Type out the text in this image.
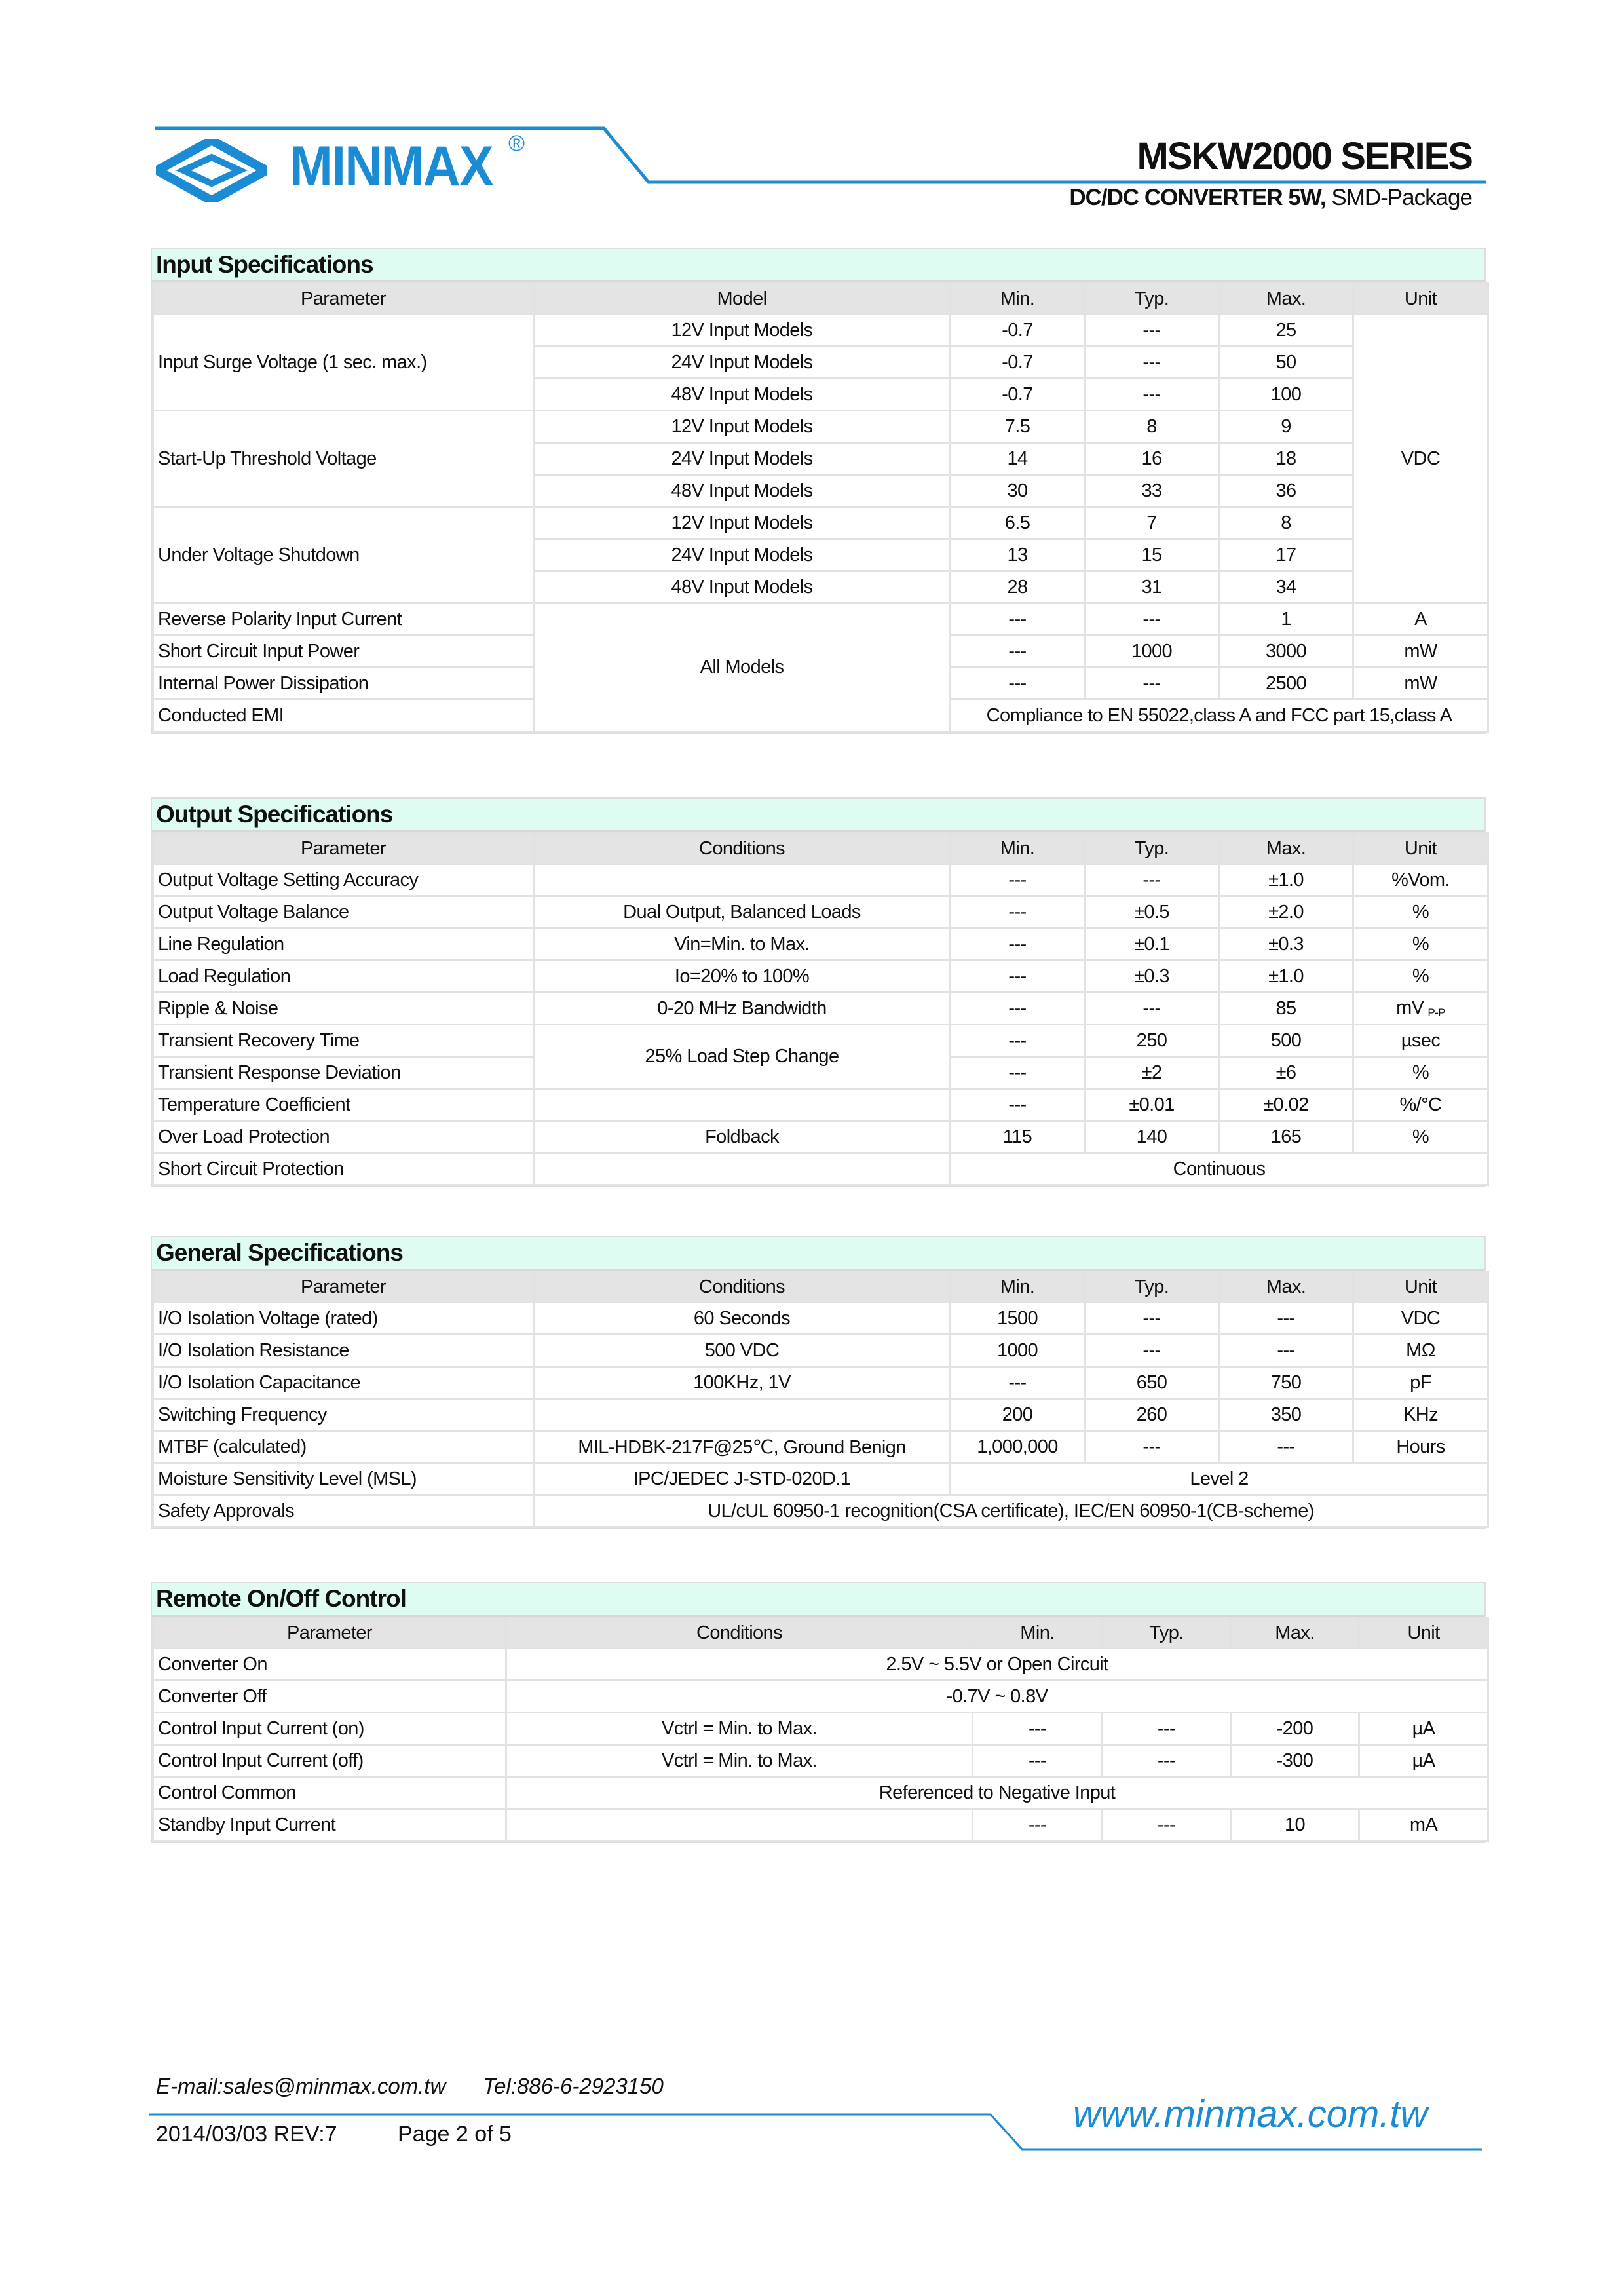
MINMAX ®	MSKW2000 SERIES
DC/DC CONVERTER 5W, SMD-Package
Input Specifications
Parameter	Model	Min.	Typ.	Max.	Unit
Input Surge Voltage (1 sec. max.)	12V Input Models	-0.7	---	25	VDC
	24V Input Models	-0.7	---	50	
	48V Input Models	-0.7	---	100	
Start-Up Threshold Voltage	12V Input Models	7.5	8	9	
	24V Input Models	14	16	18	
	48V Input Models	30	33	36	
Under Voltage Shutdown	12V Input Models	6.5	7	8	
	24V Input Models	13	15	17	
	48V Input Models	28	31	34	
Reverse Polarity Input Current	All Models	---	---	1	A
Short Circuit Input Power		---	1000	3000	mW
Internal Power Dissipation		---	---	2500	mW
Conducted EMI		Compliance to EN 55022,class A and FCC part 15,class A			
Output Specifications
Parameter	Conditions	Min.	Typ.	Max.	Unit
Output Voltage Setting Accuracy		---	---	±1.0	%Vom.
Output Voltage Balance	Dual Output, Balanced Loads	---	±0.5	±2.0	%
Line Regulation	Vin=Min. to Max.	---	±0.1	±0.3	%
Load Regulation	Io=20% to 100%	---	±0.3	±1.0	%
Ripple & Noise	0-20 MHz Bandwidth	---	---	85	mV $_{P-P}$
Transient Recovery Time	25% Load Step Change	---	250	500	µsec
Transient Response Deviation		---	±2	±6	%
Temperature Coefficient		---	±0.01	±0.02	%/°C
Over Load Protection	Foldback	115	140	165	%
Short Circuit Protection		Continuous			
General Specifications
Parameter	Conditions	Min.	Typ.	Max.	Unit
I/O Isolation Voltage (rated)	60 Seconds	1500	---	---	VDC
I/O Isolation Resistance	500 VDC	1000	---	---	MΩ
I/O Isolation Capacitance	100KHz, 1V	---	650	750	pF
Switching Frequency		200	260	350	KHz
MTBF (calculated)	MIL-HDBK-217F@25℃, Ground Benign	1,000,000	---	---	Hours
Moisture Sensitivity Level (MSL)	IPC/JEDEC J-STD-020D.1	Level 2			
Safety Approvals	UL/cUL 60950-1 recognition(CSA certificate), IEC/EN 60950-1(CB-scheme)				
Remote On/Off Control
Parameter	Conditions	Min.	Typ.	Max.	Unit
Converter On	2.5V ~ 5.5V or Open Circuit				
Converter Off	-0.7V ~ 0.8V				
Control Input Current (on)	Vctrl = Min. to Max.	---	---	-200	µA
Control Input Current (off)	Vctrl = Min. to Max.	---	---	-300	µA
Control Common	Referenced to Negative Input				
Standby Input Current		---	---	10	mA
E-mail:sales@minmax.com.tw Tel:886-6-2923150
www.minmax.com.tw
2014/03/03 REV:7	Page 2 of 5
